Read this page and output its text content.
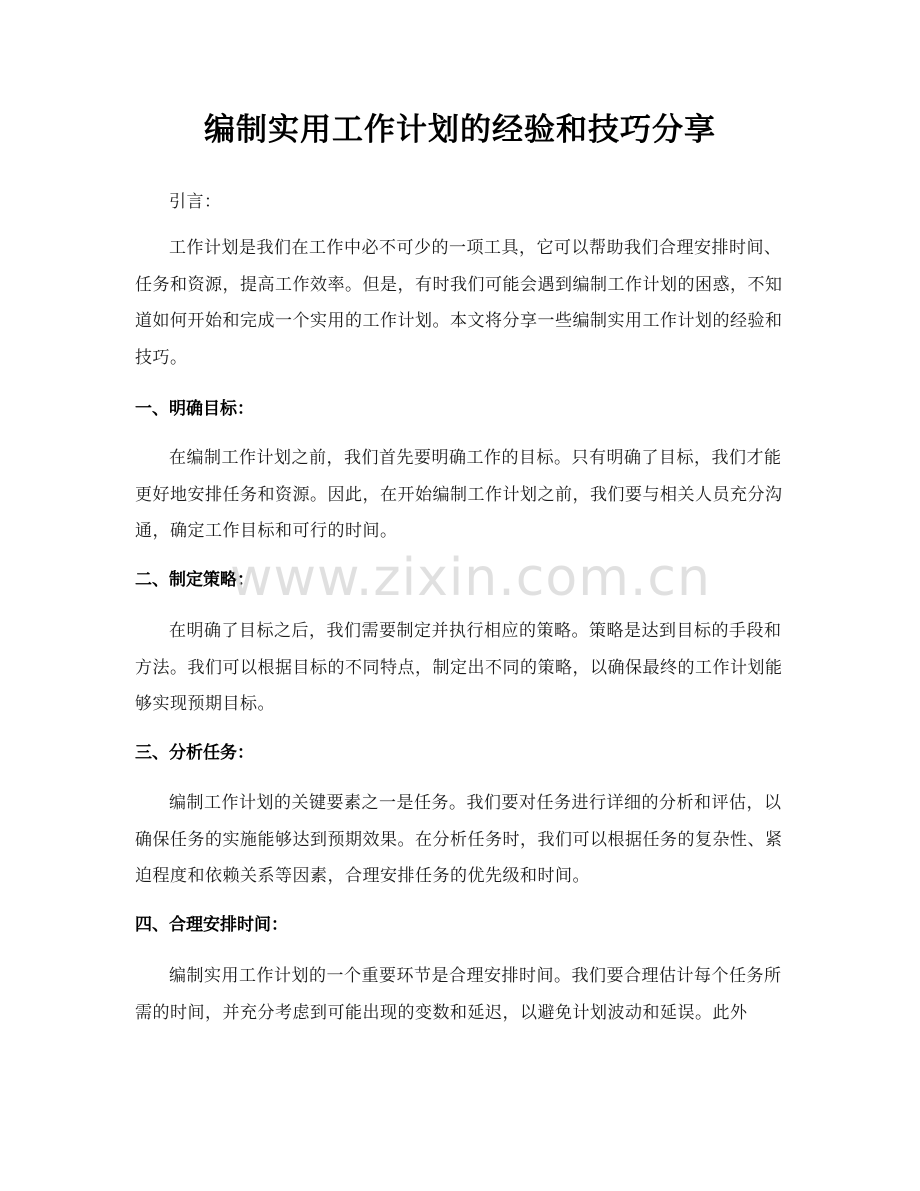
编制实用工作计划的经验和技巧分享

引言：

工作计划是我们在工作中必不可少的一项工具，它可以帮助我们合理安排时间、任务和资源，提高工作效率。但是，有时我们可能会遇到编制工作计划的困惑，不知道如何开始和完成一个实用的工作计划。本文将分享一些编制实用工作计划的经验和技巧。

一、明确目标：

在编制工作计划之前，我们首先要明确工作的目标。只有明确了目标，我们才能更好地安排任务和资源。因此，在开始编制工作计划之前，我们要与相关人员充分沟通，确定工作目标和可行的时间。

二、制定策略：

在明确了目标之后，我们需要制定并执行相应的策略。策略是达到目标的手段和方法。我们可以根据目标的不同特点，制定出不同的策略，以确保最终的工作计划能够实现预期目标。

三、分析任务：

编制工作计划的关键要素之一是任务。我们要对任务进行详细的分析和评估，以确保任务的实施能够达到预期效果。在分析任务时，我们可以根据任务的复杂性、紧迫程度和依赖关系等因素，合理安排任务的优先级和时间。

四、合理安排时间：

编制实用工作计划的一个重要环节是合理安排时间。我们要合理估计每个任务所需的时间，并充分考虑到可能出现的变数和延迟，以避免计划波动和延误。此外

www.zixin.com.cn
